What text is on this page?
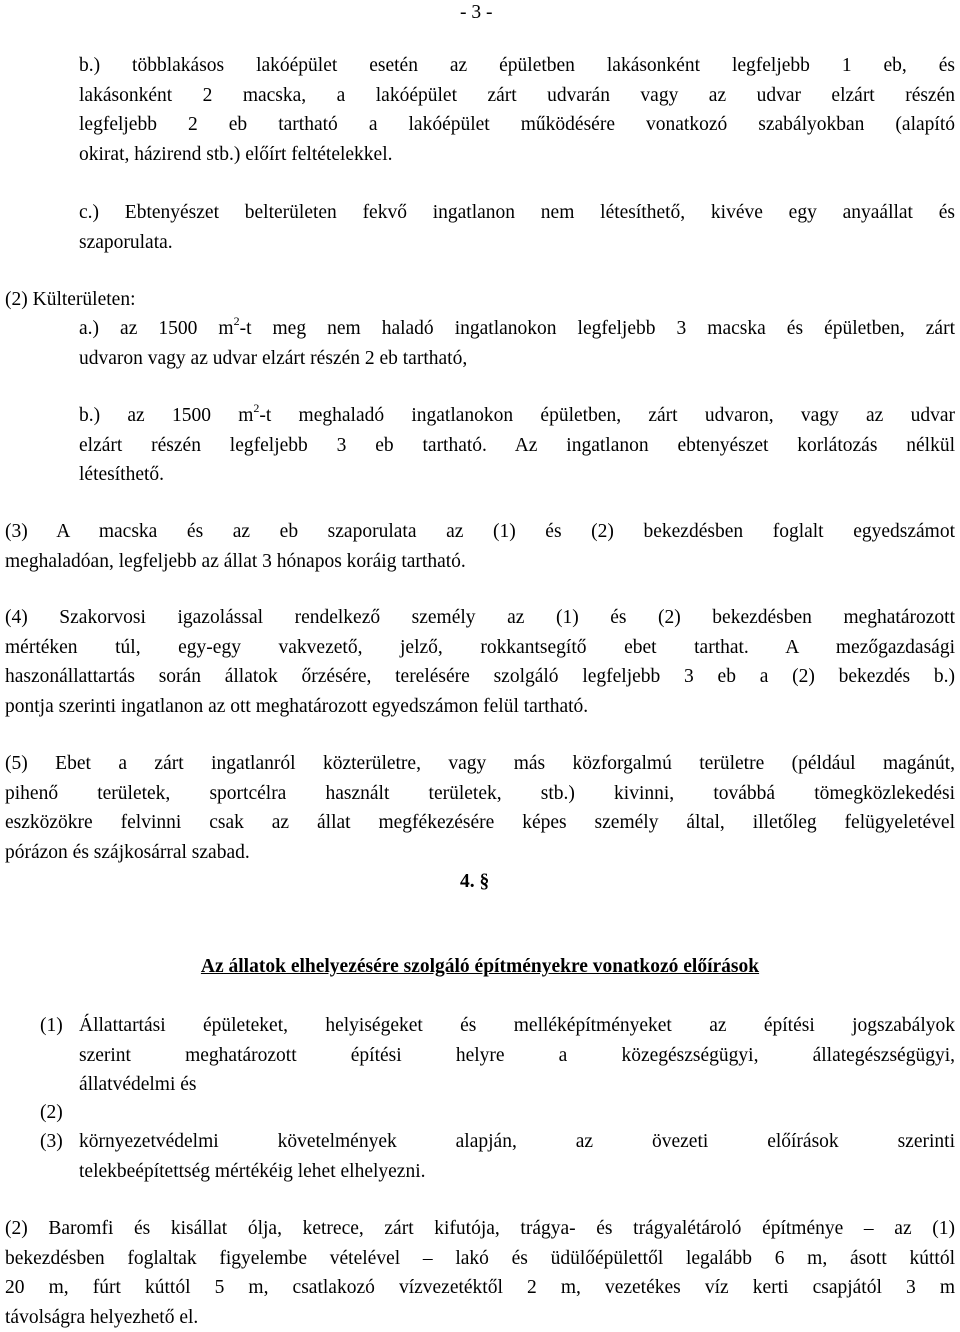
- 3 -
b.) többlakásos lakóépület esetén az épületben lakásonként legfeljebb 1 eb, és
lakásonként 2 macska, a lakóépület zárt udvarán vagy az udvar elzárt részén
legfeljebb 2 eb tartható a lakóépület működésére vonatkozó szabályokban (alapító
okirat, házirend stb.) előírt feltételekkel.
c.) Ebtenyészet belterületen fekvő ingatlanon nem létesíthető, kivéve egy anyaállat és
szaporulata.
(2) Külterületen:
a.) az 1500 $m^2-t$ meg nem haladó ingatlanokon legfeljebb 3 macska és épületben, zárt
udvaron vagy az udvar elzárt részén 2 eb tartható,
b.) az 1500 $m^2-t$ meghaladó ingatlanokon épületben, zárt udvaron, vagy az udvar
elzárt részén legfeljebb 3 eb tartható. Az ingatlanon ebtenyészet korlátozás nélkül
létesíthető.
(3) A macska és az eb szaporulata az (1) és (2) bekezdésben foglalt egyedszámot
meghaladóan, legfeljebb az állat 3 hónapos koráig tartható.
(4) Szakorvosi igazolással rendelkező személy az (1) és (2) bekezdésben meghatározott
mértéken túl, egy-egy vakvezető, jelző, rokkantsegítő ebet tarthat. A mezőgazdasági
haszonállattartás során állatok őrzésére, terelésére szolgáló legfeljebb 3 eb a (2) bekezdés b.)
pontja szerinti ingatlanon az ott meghatározott egyedszámon felül tartható.
(5) Ebet a zárt ingatlanról közterületre, vagy más közforgalmú területre (például magánút,
pihenő területek, sportcélra használt területek, stb.) kivinni, továbbá tömegközlekedési
eszközökre felvinni csak az állat megfékezésére képes személy által, illetőleg felügyeletével
pórázon és szájkosárral szabad.
4. §
Az állatok elhelyezésére szolgáló építményekre vonatkozó előírások
(1) Állattartási épületeket, helyiségeket és melléképítményeket az építési jogszabályok
szerint meghatározott építési helyre a közegészségügyi, állategészségügyi,
állatvédelmi és
(2)
(3) környezetvédelmi követelmények alapján, az övezeti előírások szerinti
telekbeépítettség mértékéig lehet elhelyezni.
(2) Baromfi és kisállat ólja, ketrece, zárt kifutója, trágya- és trágyalétároló építménye – az (1)
bekezdésben foglaltak figyelembe vételével – lakó és üdülőépülettől legalább 6 m, ásott kúttól
20 m, fúrt kúttól 5 m, csatlakozó vízvezetéktől 2 m, vezetékes víz kerti csapjától 3 m
távolságra helyezhető el.
